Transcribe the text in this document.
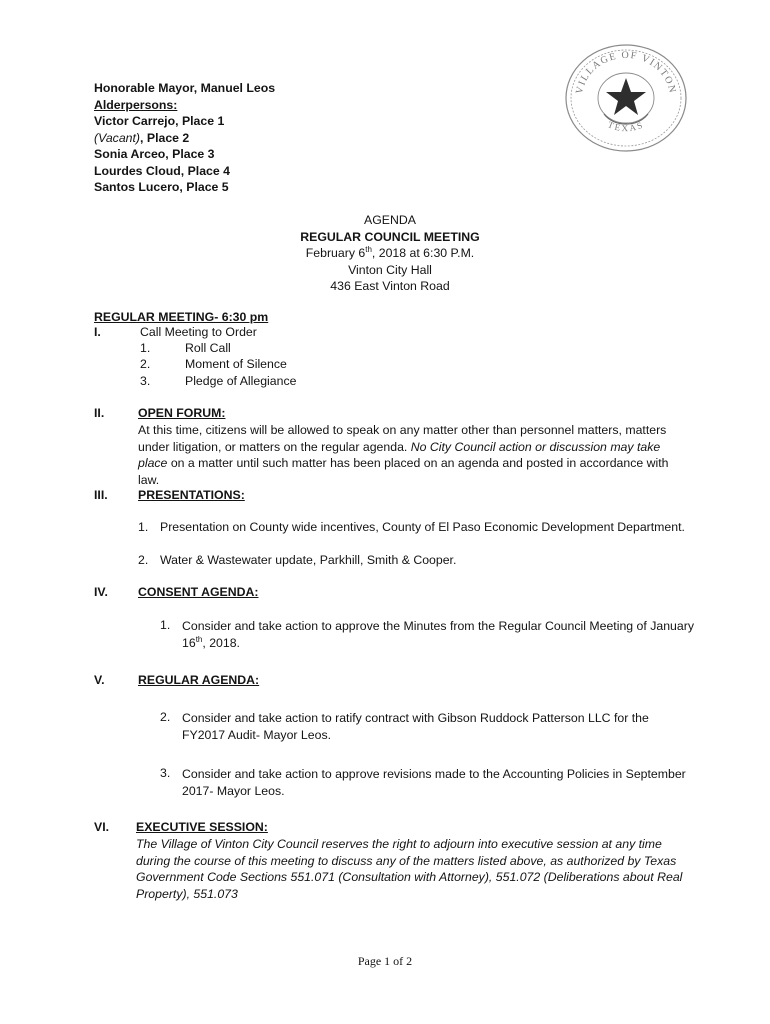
VILLAGE OF VINTON
TEXAS
Honorable Mayor, Manuel Leos
Alderpersons:
Victor Carrejo, Place 1
(Vacant), Place 2
Sonia Arceo, Place 3
Lourdes Cloud, Place 4
Santos Lucero, Place 5
AGENDA
REGULAR COUNCIL MEETING
February 6th, 2018 at 6:30 P.M.
Vinton City Hall
436 East Vinton Road
REGULAR MEETING- 6:30 pm
I.	Call Meeting to Order
1.	Roll Call
2.	Moment of Silence
3.	Pledge of Allegiance
II.	OPEN FORUM:
At this time, citizens will be allowed to speak on any matter other than personnel matters, matters under litigation, or matters on the regular agenda. No City Council action or discussion may take place on a matter until such matter has been placed on an agenda and posted in accordance with law.
III. PRESENTATIONS:
1. Presentation on County wide incentives, County of El Paso Economic Development Department.
2. Water & Wastewater update, Parkhill, Smith & Cooper.
IV. CONSENT AGENDA:
1. Consider and take action to approve the Minutes from the Regular Council Meeting of January 16th, 2018.
V.	REGULAR AGENDA:
2. Consider and take action to ratify contract with Gibson Ruddock Patterson LLC for the FY2017 Audit- Mayor Leos.
3. Consider and take action to approve revisions made to the Accounting Policies in September 2017- Mayor Leos.
VI. EXECUTIVE SESSION:
The Village of Vinton City Council reserves the right to adjourn into executive session at any time during the course of this meeting to discuss any of the matters listed above, as authorized by Texas Government Code Sections 551.071 (Consultation with Attorney), 551.072 (Deliberations about Real Property), 551.073
Page 1 of 2
